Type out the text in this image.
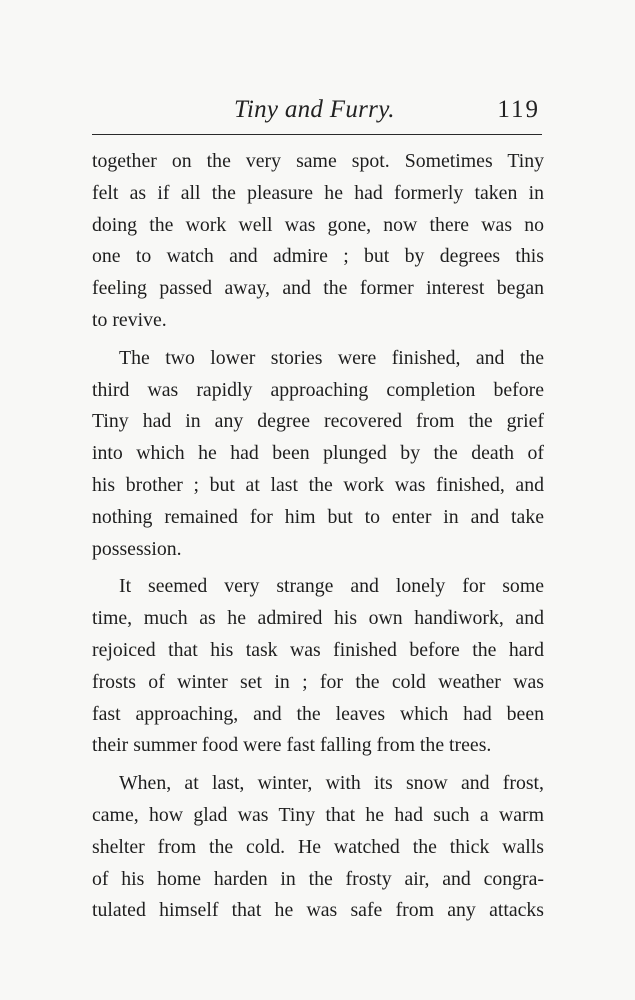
Tiny and Furry.	119
together on the very same spot. Sometimes Tiny
felt as if all the pleasure he had formerly taken in
doing the work well was gone, now there was no
one to watch and admire ; but by degrees this
feeling passed away, and the former interest began
to revive.
The two lower stories were finished, and the
third was rapidly approaching completion before
Tiny had in any degree recovered from the grief
into which he had been plunged by the death of
his brother ; but at last the work was finished, and
nothing remained for him but to enter in and take
possession.
It seemed very strange and lonely for some
time, much as he admired his own handiwork, and
rejoiced that his task was finished before the hard
frosts of winter set in ; for the cold weather was
fast approaching, and the leaves which had been
their summer food were fast falling from the trees.
When, at last, winter, with its snow and frost,
came, how glad was Tiny that he had such a warm
shelter from the cold. He watched the thick walls
of his home harden in the frosty air, and congra-
tulated himself that he was safe from any attacks
